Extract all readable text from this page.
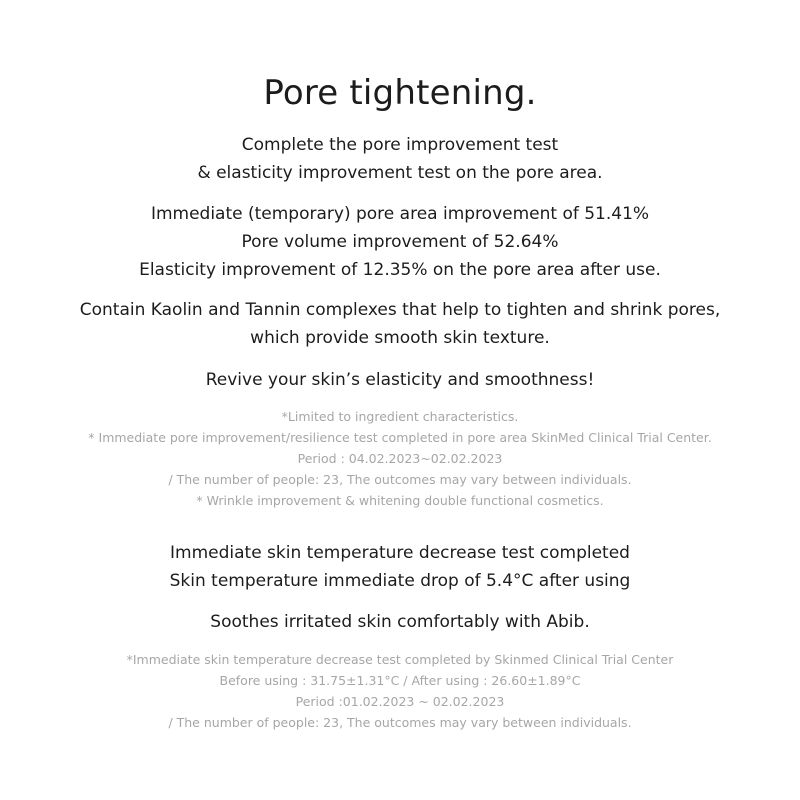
Pore tightening.
Complete the pore improvement test
& elasticity improvement test on the pore area.
Immediate (temporary) pore area improvement of 51.41%
Pore volume improvement of 52.64%
Elasticity improvement of 12.35% on the pore area after use.
Contain Kaolin and Tannin complexes that help to tighten and shrink pores,
which provide smooth skin texture.
Revive your skin’s elasticity and smoothness!
*Limited to ingredient characteristics.
* Immediate pore improvement/resilience test completed in pore area SkinMed Clinical Trial Center.
Period : 04.02.2023~02.02.2023
/ The number of people: 23, The outcomes may vary between individuals.
* Wrinkle improvement & whitening double functional cosmetics.
Immediate skin temperature decrease test completed
Skin temperature immediate drop of 5.4°C after using
Soothes irritated skin comfortably with Abib.
*Immediate skin temperature decrease test completed by Skinmed Clinical Trial Center
Before using : 31.75±1.31°C / After using : 26.60±1.89°C
Period :01.02.2023 ~ 02.02.2023
/ The number of people: 23, The outcomes may vary between individuals.
